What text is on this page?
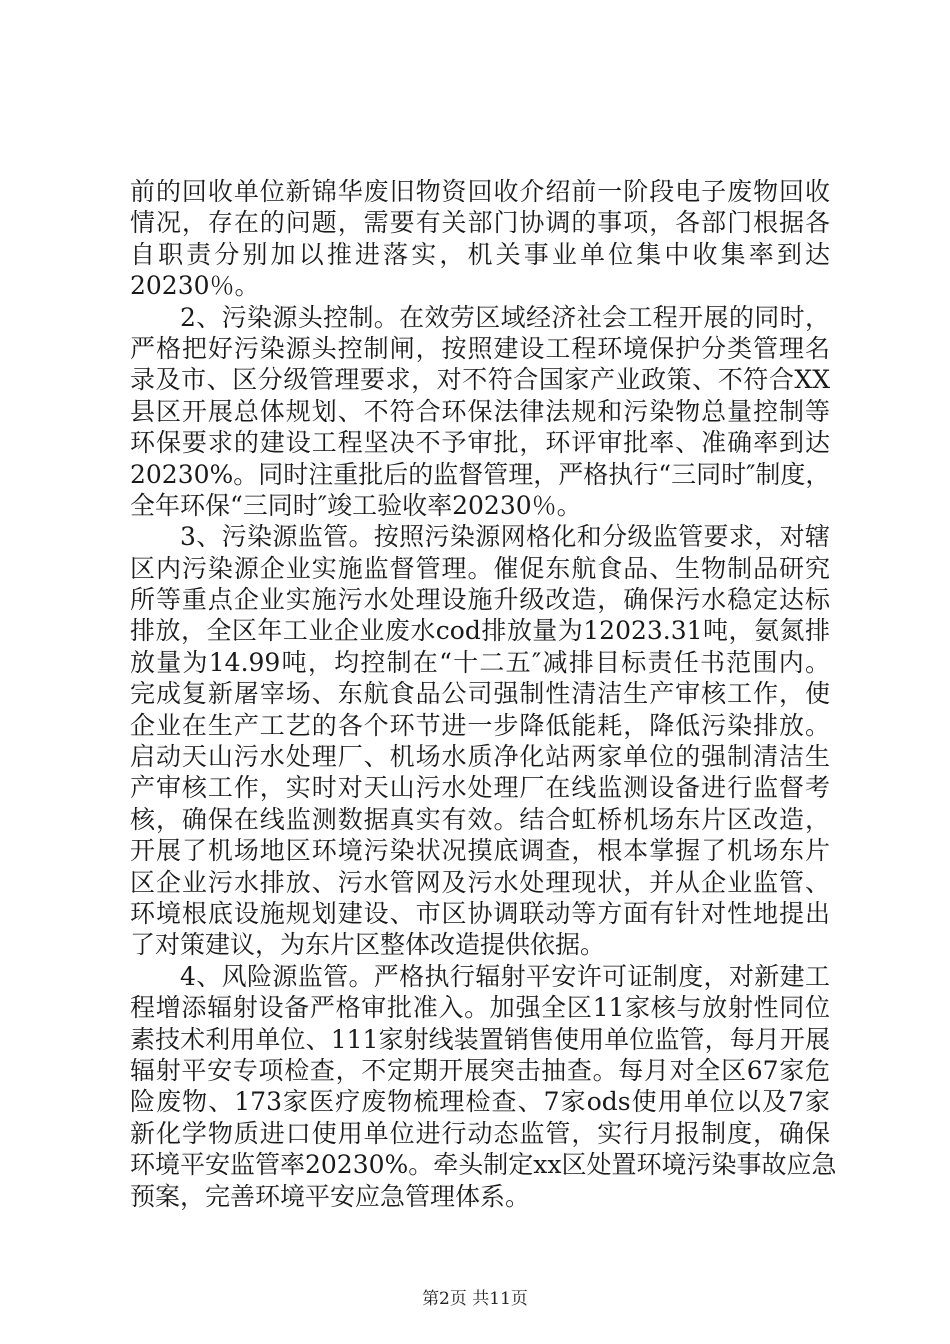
前的回收单位新锦华废旧物资回收介绍前一阶段电子废物回收
情况，存在的问题，需要有关部门协调的事项，各部门根据各
自职责分别加以推进落实，机关事业单位集中收集率到达
20230％。
2、污染源头控制。在效劳区域经济社会工程开展的同时，
严格把好污染源头控制闸，按照建设工程环境保护分类管理名
录及市、区分级管理要求，对不符合国家产业政策、不符合XX
县区开展总体规划、不符合环保法律法规和污染物总量控制等
环保要求的建设工程坚决不予审批，环评审批率、准确率到达
20230%。同时注重批后的监督管理，严格执行“三同时″制度，
全年环保“三同时″竣工验收率20230％。
3、污染源监管。按照污染源网格化和分级监管要求，对辖
区内污染源企业实施监督管理。催促东航食品、生物制品研究
所等重点企业实施污水处理设施升级改造，确保污水稳定达标
排放，全区年工业企业废水cod排放量为12023.31吨，氨氮排
放量为14.99吨，均控制在“十二五″减排目标责任书范围内。
完成复新屠宰场、东航食品公司强制性清洁生产审核工作，使
企业在生产工艺的各个环节进一步降低能耗，降低污染排放。
启动天山污水处理厂、机场水质净化站两家单位的强制清洁生
产审核工作，实时对天山污水处理厂在线监测设备进行监督考
核，确保在线监测数据真实有效。结合虹桥机场东片区改造，
开展了机场地区环境污染状况摸底调查，根本掌握了机场东片
区企业污水排放、污水管网及污水处理现状，并从企业监管、
环境根底设施规划建设、市区协调联动等方面有针对性地提出
了对策建议，为东片区整体改造提供依据。
4、风险源监管。严格执行辐射平安许可证制度，对新建工
程增添辐射设备严格审批准入。加强全区11家核与放射性同位
素技术利用单位、111家射线装置销售使用单位监管，每月开展
辐射平安专项检查，不定期开展突击抽查。每月对全区67家危
险废物、173家医疗废物梳理检查、7家ods使用单位以及7家
新化学物质进口使用单位进行动态监管，实行月报制度，确保
环境平安监管率20230%。牵头制定xx区处置环境污染事故应急
预案，完善环境平安应急管理体系。
第2页 共11页
